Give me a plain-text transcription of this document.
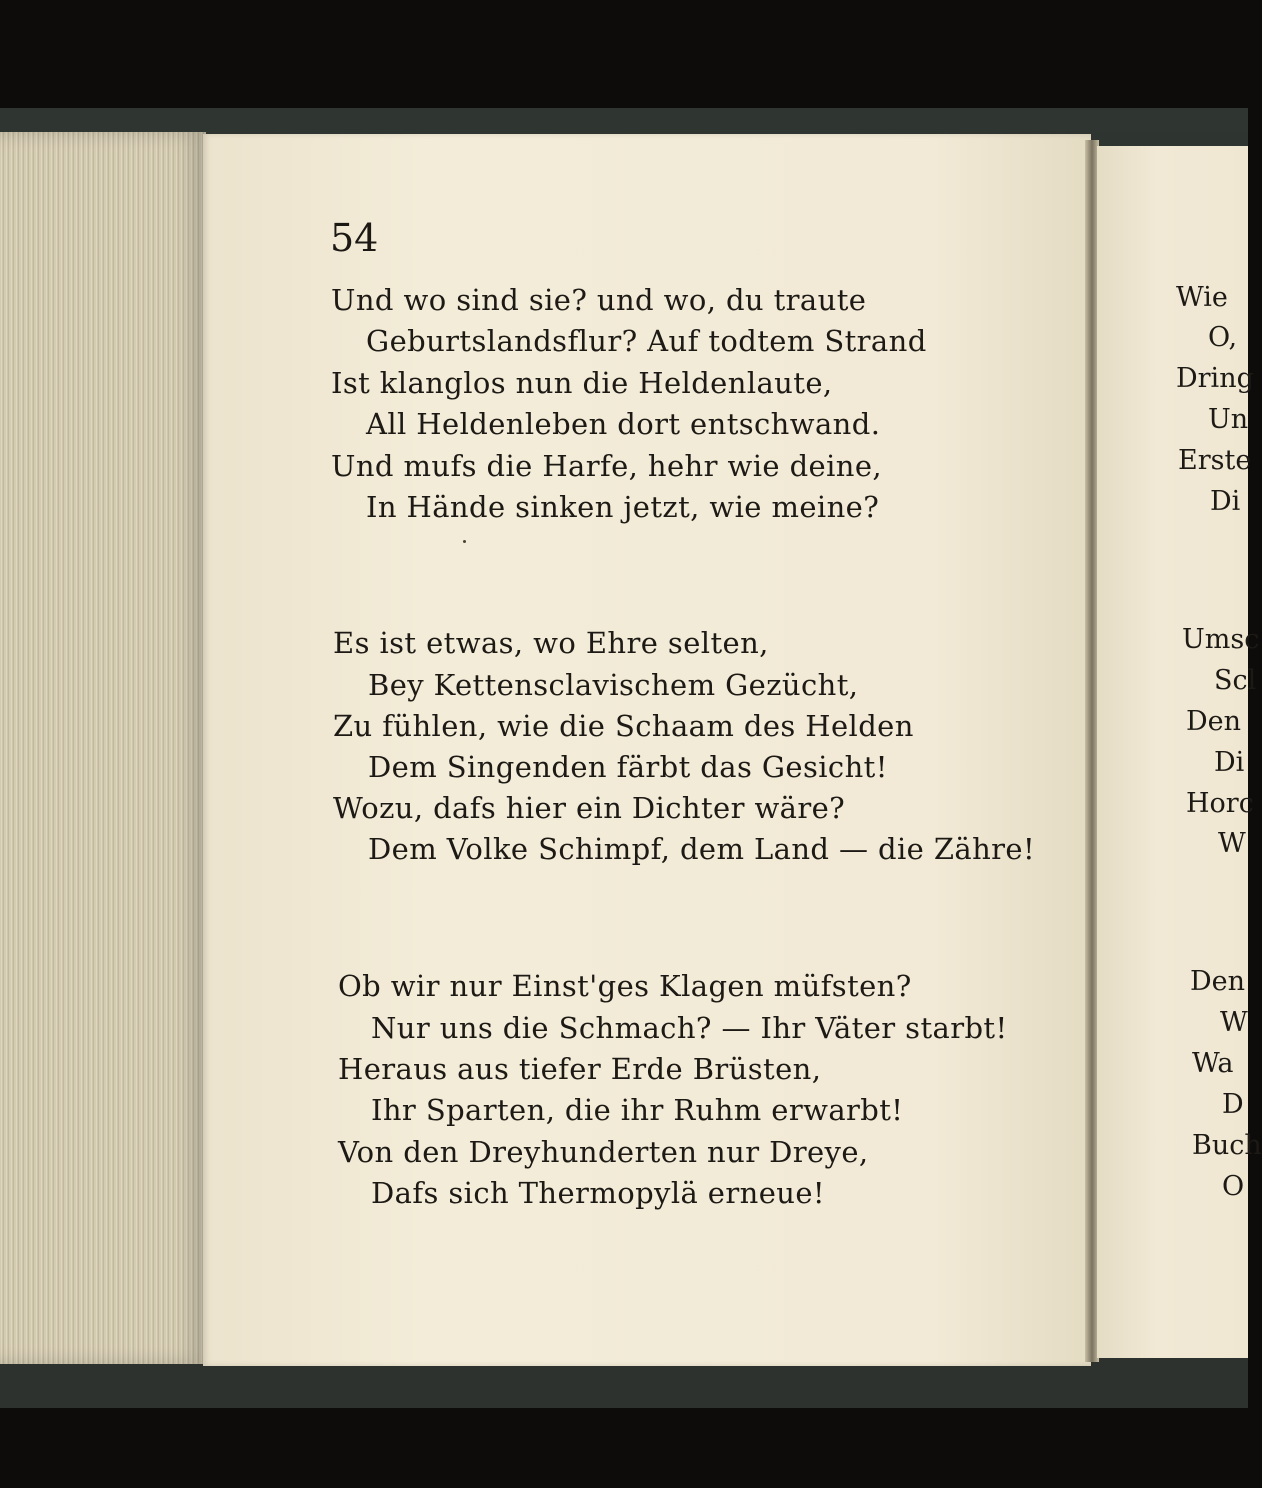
54
Und wo sind sie? und wo, du traute
Geburtslandsflur? Auf todtem Strand
Ist klanglos nun die Heldenlaute,
All Heldenleben dort entschwand.
Und mufs die Harfe, hehr wie deine,
In Hände sinken jetzt, wie meine?
Es ist etwas, wo Ehre selten,
Bey Kettensclavischem Gezücht,
Zu fühlen, wie die Schaam des Helden
Dem Singenden färbt das Gesicht!
Wozu, dafs hier ein Dichter wäre?
Dem Volke Schimpf, dem Land — die Zähre!
Ob wir nur Einst'ges Klagen müfsten?
Nur uns die Schmach? — Ihr Väter starbt!
Heraus aus tiefer Erde Brüsten,
Ihr Sparten, die ihr Ruhm erwarbt!
Von den Dreyhunderten nur Dreye,
Dafs sich Thermopylä erneue!
Wie
O,
Dring
Un
Erste
Di
Umsc
Scl
Den
Di
Horc
W
Den
W
Wa
D
Buch
O
